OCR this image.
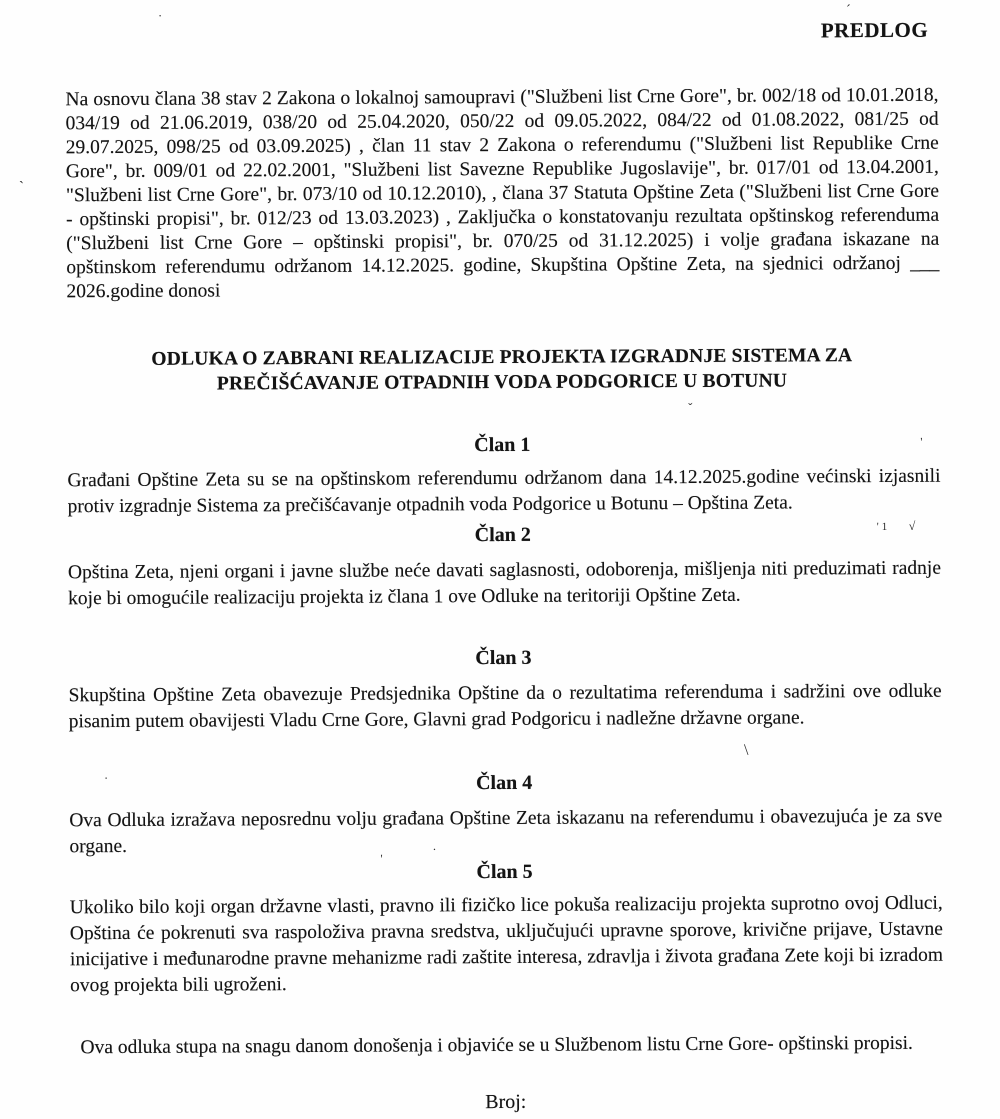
PREDLOG

Na osnovu člana 38 stav 2 Zakona o lokalnoj samoupravi ("Službeni list Crne Gore", br. 002/18 od 10.01.2018, 034/19 od 21.06.2019, 038/20 od 25.04.2020, 050/22 od 09.05.2022, 084/22 od 01.08.2022, 081/25 od 29.07.2025, 098/25 od 03.09.2025) , član 11 stav 2 Zakona o referendumu ("Službeni list Republike Crne Gore", br. 009/01 od 22.02.2001, "Službeni list Savezne Republike Jugoslavije", br. 017/01 od 13.04.2001, "Službeni list Crne Gore", br. 073/10 od 10.12.2010), , člana 37 Statuta Opštine Zeta ("Službeni list Crne Gore - opštinski propisi", br. 012/23 od 13.03.2023) , Zaključka o konstatovanju rezultata opštinskog referenduma ("Službeni list Crne Gore – opštinski propisi", br. 070/25 od 31.12.2025) i volje građana iskazane na opštinskom referendumu održanom 14.12.2025. godine, Skupština Opštine Zeta, na sjednici održanoj ___ 2026.godine donosi

ODLUKA O ZABRANI REALIZACIJE PROJEKTA IZGRADNJE SISTEMA ZA
PREČIŠĆAVANJE OTPADNIH VODA PODGORICE U BOTUNU
Član 1

Građani Opštine Zeta su se na opštinskom referendumu održanom dana 14.12.2025.godine većinski izjasnili protiv izgradnje Sistema za prečišćavanje otpadnih voda Podgorice u Botunu – Opština Zeta.

Član 2

Opština Zeta, njeni organi i javne službe neće davati saglasnosti, odoborenja, mišljenja niti preduzimati radnje koje bi omogućile realizaciju projekta iz člana 1 ove Odluke na teritoriji Opštine Zeta.

Član 3

Skupština Opštine Zeta obavezuje Predsjednika Opštine da o rezultatima referenduma i sadržini ove odluke pisanim putem obavijesti Vladu Crne Gore, Glavni grad Podgoricu i nadležne državne organe.

Član 4

Ova Odluka izražava neposrednu volju građana Opštine Zeta iskazanu na referendumu i obavezujuća je za sve organe.

Član 5

Ukoliko bilo koji organ državne vlasti, pravno ili fizičko lice pokuša realizaciju projekta suprotno ovoj Odluci, Opština će pokrenuti sva raspoloživa pravna sredstva, uključujući upravne sporove, krivične prijave, Ustavne inicijative i međunarodne pravne mehanizme radi zaštite interesa, zdravlja i života građana Zete koji bi izradom ovog projekta bili ugroženi.

Ova odluka stupa na snagu danom donošenja i objaviće se u Službenom listu Crne Gore- opštinski propisi.

Broj:
·	´
`
'
'1 √
\
·
·
ˇ
'
